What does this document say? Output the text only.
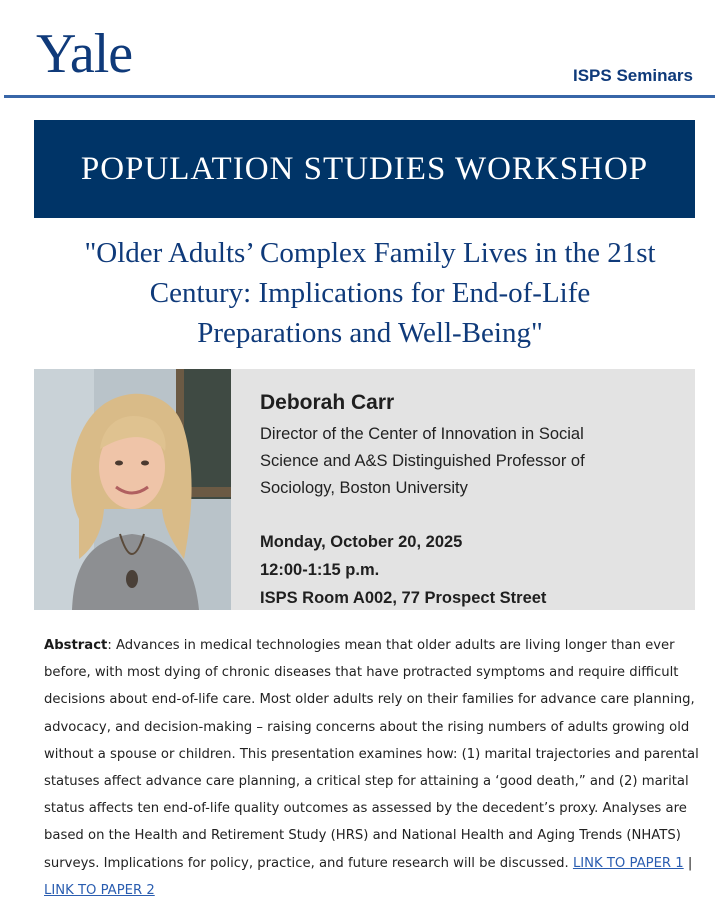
Yale	ISPS Seminars
POPULATION STUDIES WORKSHOP
"Older Adults’ Complex Family Lives in the 21st
Century: Implications for End-of-Life
Preparations and Well-Being"
Deborah Carr
Director of the Center of Innovation in Social
Science and A&S Distinguished Professor of
Sociology, Boston University
Monday, October 20, 2025
12:00-1:15 p.m.
ISPS Room A002, 77 Prospect Street
Abstract: Advances in medical technologies mean that older adults are living longer than ever before, with most dying of chronic diseases that have protracted symptoms and require difficult decisions about end-of-life care. Most older adults rely on their families for advance care planning, advocacy, and decision-making – raising concerns about the rising numbers of adults growing old without a spouse or children. This presentation examines how: (1) marital trajectories and parental statuses affect advance care planning, a critical step for attaining a ‘good death,” and (2) marital status affects ten end-of-life quality outcomes as assessed by the decedent’s proxy. Analyses are based on the Health and Retirement Study (HRS) and National Health and Aging Trends (NHATS) surveys. Implications for policy, practice, and future research will be discussed. LINK TO PAPER 1 | LINK TO PAPER 2
